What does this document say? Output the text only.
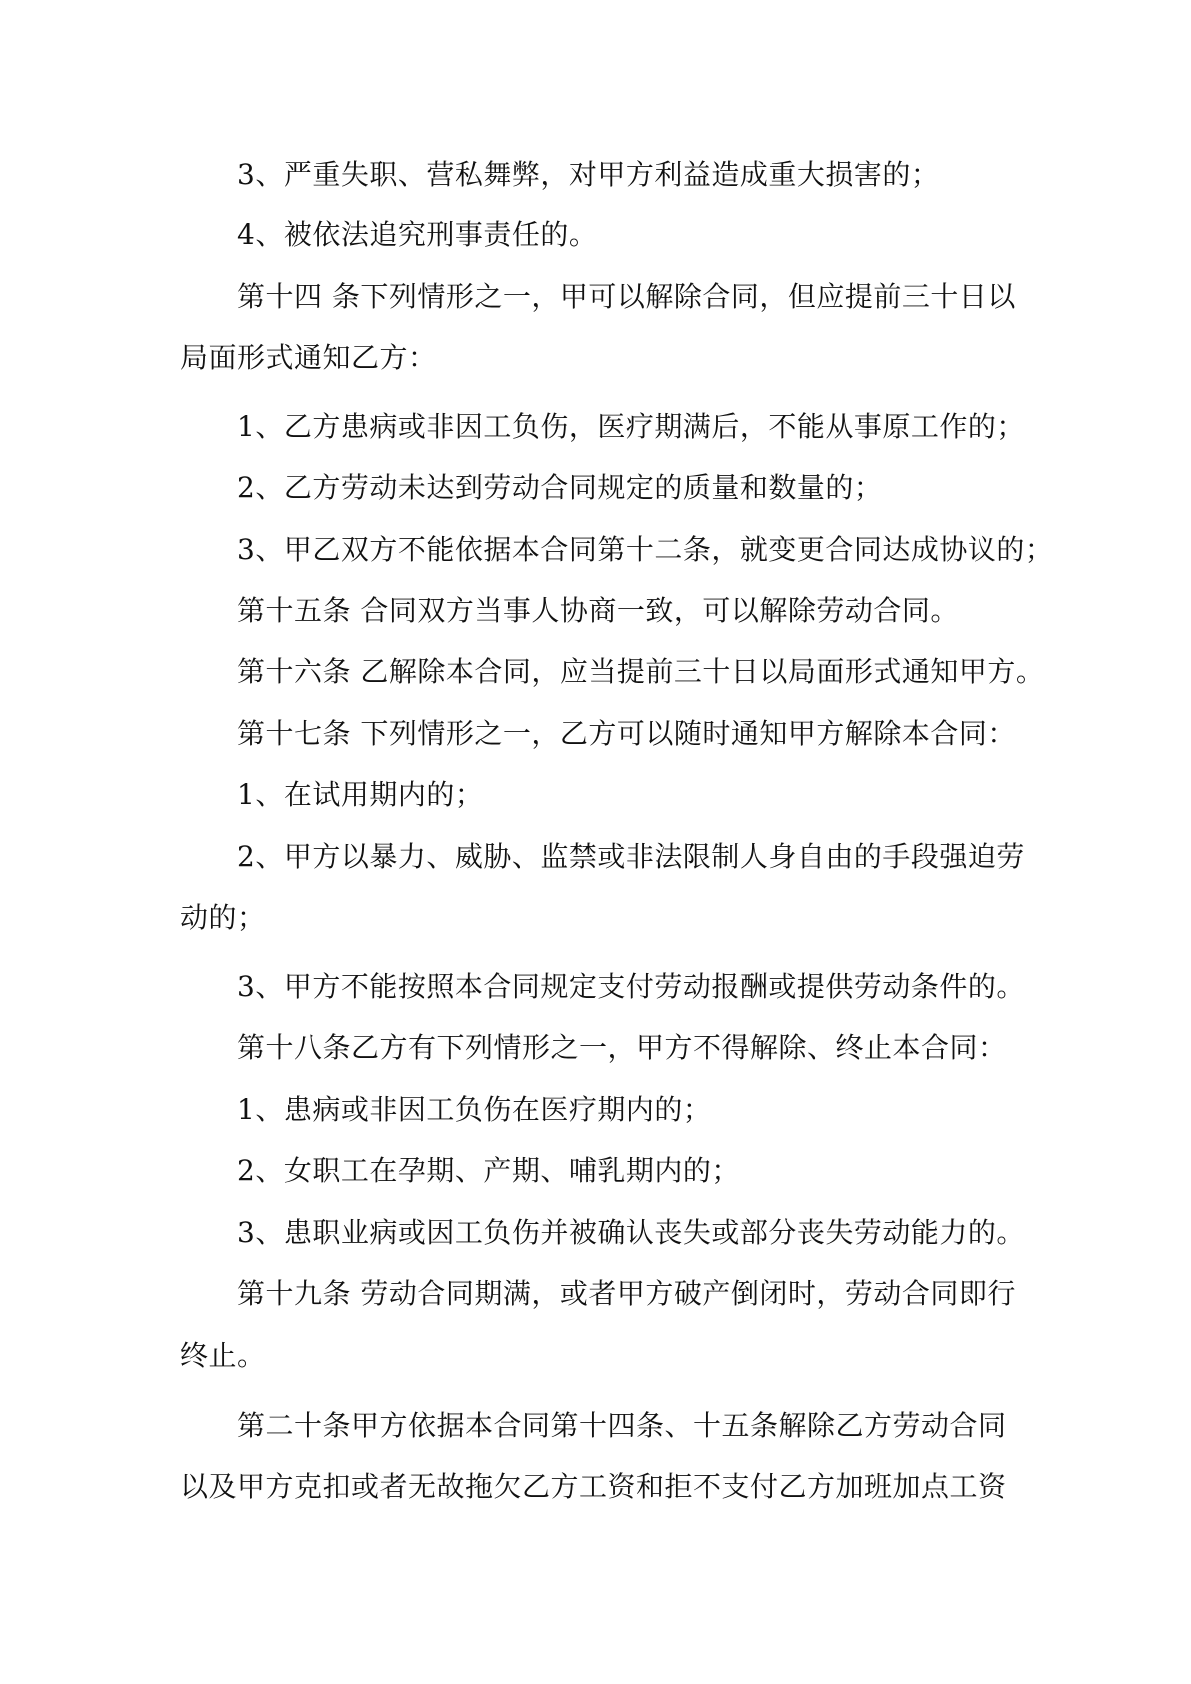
3、严重失职、营私舞弊，对甲方利益造成重大损害的；
4、被依法追究刑事责任的。
第十四 条下列情形之一，甲可以解除合同，但应提前三十日以
局面形式通知乙方：
1、乙方患病或非因工负伤，医疗期满后，不能从事原工作的；
2、乙方劳动未达到劳动合同规定的质量和数量的；
3、甲乙双方不能依据本合同第十二条，就变更合同达成协议的；
第十五条 合同双方当事人协商一致，可以解除劳动合同。
第十六条 乙解除本合同，应当提前三十日以局面形式通知甲方。
第十七条 下列情形之一，乙方可以随时通知甲方解除本合同：
1、在试用期内的；
2、甲方以暴力、威胁、监禁或非法限制人身自由的手段强迫劳
动的；
3、甲方不能按照本合同规定支付劳动报酬或提供劳动条件的。
第十八条乙方有下列情形之一，甲方不得解除、终止本合同：
1、患病或非因工负伤在医疗期内的；
2、女职工在孕期、产期、哺乳期内的；
3、患职业病或因工负伤并被确认丧失或部分丧失劳动能力的。
第十九条 劳动合同期满，或者甲方破产倒闭时，劳动合同即行
终止。
第二十条甲方依据本合同第十四条、十五条解除乙方劳动合同
以及甲方克扣或者无故拖欠乙方工资和拒不支付乙方加班加点工资
